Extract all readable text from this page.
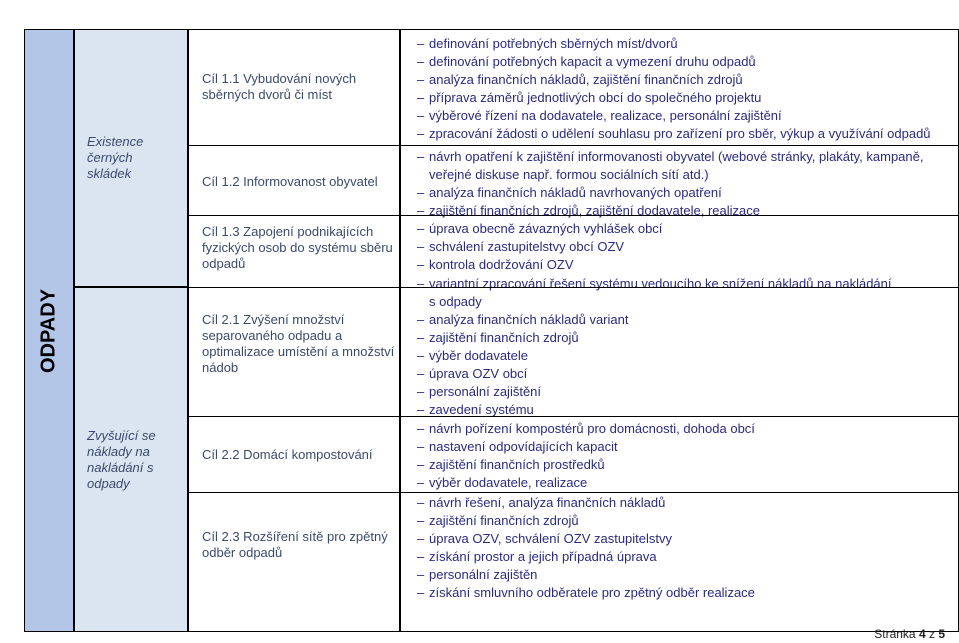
ODPADY
Existence černých skládek
Zvyšující se náklady na nakládání s odpady
Cíl 1.1 Vybudování nových sběrných dvorů či míst
Cíl 1.2 Informovanost obyvatel
Cíl 1.3 Zapojení podnikajících fyzických osob do systému sběru odpadů
Cíl 2.1 Zvýšení množství separovaného odpadu a optimalizace umístění a množství nádob
Cíl 2.2 Domácí kompostování
Cíl 2.3 Rozšíření sítě pro zpětný odběr odpadů
– definování potřebných sběrných míst/dvorů
– definování potřebných kapacit a vymezení druhu odpadů
– analýza finančních nákladů, zajištění finančních zdrojů
– příprava záměrů jednotlivých obcí do společného projektu
– výběrové řízení na dodavatele, realizace, personální zajištění
– zpracování žádosti o udělení souhlasu pro zařízení pro sběr, výkup a využívání odpadů
– návrh opatření k zajištění informovanosti obyvatel (webové stránky, plakáty, kampaně,
veřejné diskuse např. formou sociálních sítí atd.)
– analýza finančních nákladů navrhovaných opatření
– zajištění finančních zdrojů, zajištění dodavatele, realizace
– úprava obecně závazných vyhlášek obcí
– schválení zastupitelstvy obcí OZV
– kontrola dodržování OZV
– variantní zpracování řešení systému vedoucího ke snížení nákladů na nakládání
s odpady
– analýza finančních nákladů variant
– zajištění finančních zdrojů
– výběr dodavatele
– úprava OZV obcí
– personální zajištění
– zavedení systému
– návrh pořízení kompostérů pro domácnosti, dohoda obcí
– nastavení odpovídajících kapacit
– zajištění finančních prostředků
– výběr dodavatele, realizace
– návrh řešení, analýza finančních nákladů
– zajištění finančních zdrojů
– úprava OZV, schválení OZV zastupitelstvy
– získání prostor a jejich případná úprava
– personální zajištěn
– získání smluvního odběratele pro zpětný odběr realizace
Stránka 4 z 5
